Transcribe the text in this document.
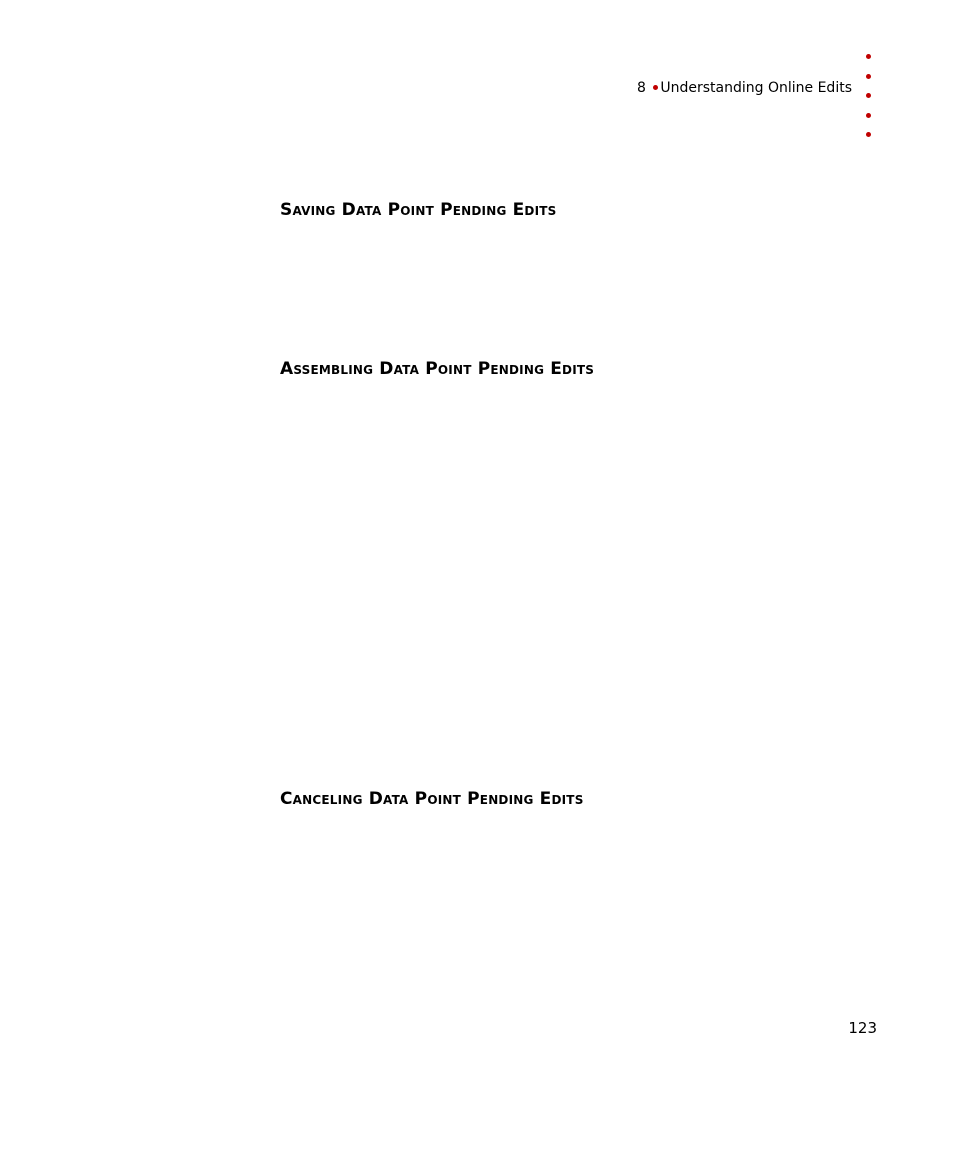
8 Understanding Online Edits
Saving Data Point Pending Edits
Assembling Data Point Pending Edits
Canceling Data Point Pending Edits
123
